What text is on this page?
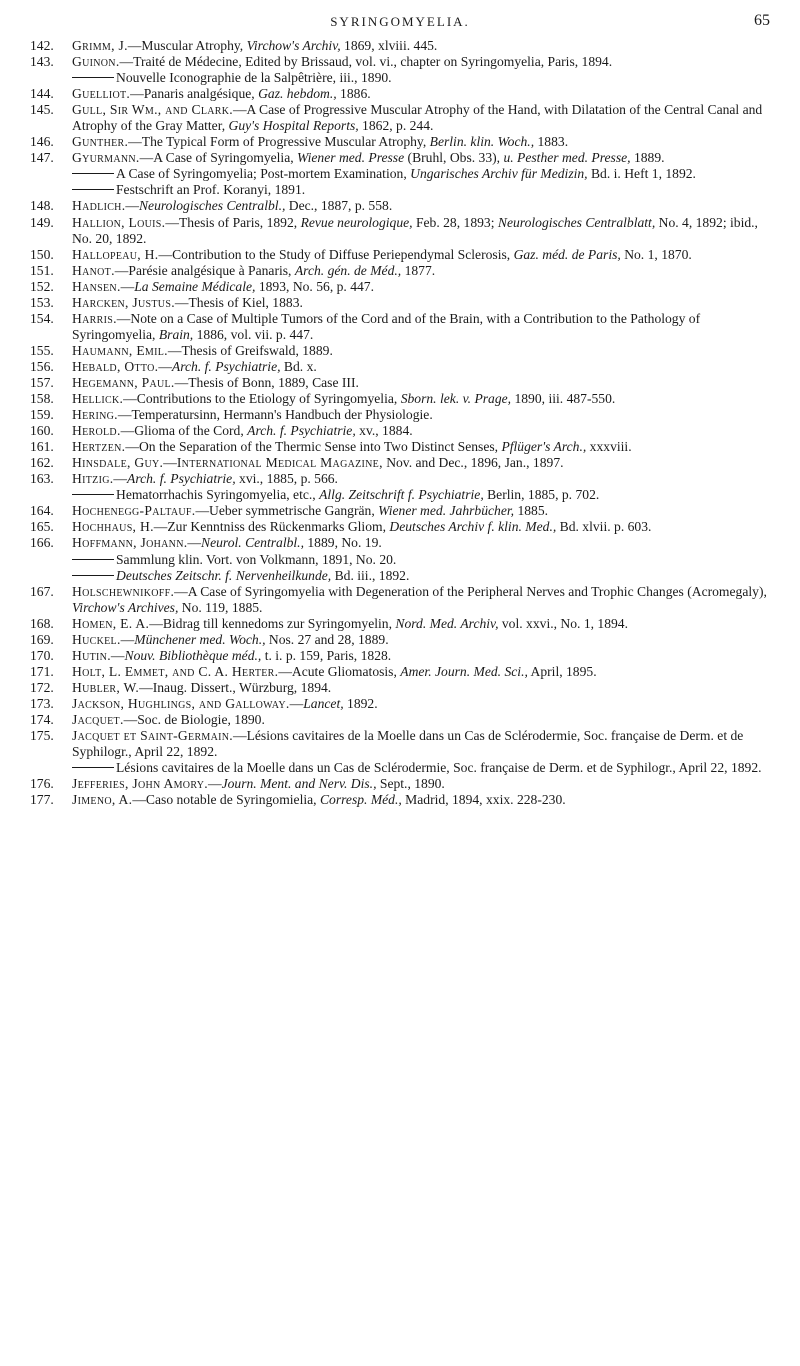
SYRINGOMYELIA.	65
142.	Grimm, J.—Muscular Atrophy, Virchow's Archiv, 1869, xlviii. 445.
143.	Guinon.—Traité de Médecine, Edited by Brissaud, vol. vi., chapter on Syringomyelia, Paris, 1894.
Nouvelle Iconographie de la Salpêtrière, iii., 1890.
144.	Guelliot.—Panaris analgésique, Gaz. hebdom., 1886.
145.	Gull, Sir Wm., and Clark.—A Case of Progressive Muscular Atrophy of the Hand, with Dilatation of the Central Canal and Atrophy of the Gray Matter, Guy's Hospital Reports, 1862, p. 244.
146.	Gunther.—The Typical Form of Progressive Muscular Atrophy, Berlin. klin. Woch., 1883.
147.	Gyurmann.—A Case of Syringomyelia, Wiener med. Presse (Bruhl, Obs. 33), u. Pesther med. Presse, 1889.
A Case of Syringomyelia; Post-mortem Examination, Ungarisches Archiv für Medizin, Bd. i. Heft 1, 1892.
Festschrift an Prof. Koranyi, 1891.
148.	Hadlich.—Neurologisches Centralbl., Dec., 1887, p. 558.
149.	Hallion, Louis.—Thesis of Paris, 1892, Revue neurologique, Feb. 28, 1893; Neurologisches Centralblatt, No. 4, 1892; ibid., No. 20, 1892.
150.	Hallopeau, H.—Contribution to the Study of Diffuse Periependymal Sclerosis, Gaz. méd. de Paris, No. 1, 1870.
151.	Hanot.—Parésie analgésique à Panaris, Arch. gén. de Méd., 1877.
152.	Hansen.—La Semaine Médicale, 1893, No. 56, p. 447.
153.	Harcken, Justus.—Thesis of Kiel, 1883.
154.	Harris.—Note on a Case of Multiple Tumors of the Cord and of the Brain, with a Contribution to the Pathology of Syringomyelia, Brain, 1886, vol. vii. p. 447.
155.	Haumann, Emil.—Thesis of Greifswald, 1889.
156.	Hebald, Otto.—Arch. f. Psychiatrie, Bd. x.
157.	Hegemann, Paul.—Thesis of Bonn, 1889, Case III.
158.	Hellick.—Contributions to the Etiology of Syringomyelia, Sborn. lek. v. Prage, 1890, iii. 487-550.
159.	Hering.—Temperatursinn, Hermann's Handbuch der Physiologie.
160.	Herold.—Glioma of the Cord, Arch. f. Psychiatrie, xv., 1884.
161.	Hertzen.—On the Separation of the Thermic Sense into Two Distinct Senses, Pflüger's Arch., xxxviii.
162.	Hinsdale, Guy.—International Medical Magazine, Nov. and Dec., 1896, Jan., 1897.
163.	Hitzig.—Arch. f. Psychiatrie, xvi., 1885, p. 566.
Hematorrhachis Syringomyelia, etc., Allg. Zeitschrift f. Psychiatrie, Berlin, 1885, p. 702.
164.	Hochenegg-Paltauf.—Ueber symmetrische Gangrän, Wiener med. Jahrbücher, 1885.
165.	Hochhaus, H.—Zur Kenntniss des Rückenmarks Gliom, Deutsches Archiv f. klin. Med., Bd. xlvii. p. 603.
166.	Hoffmann, Johann.—Neurol. Centralbl., 1889, No. 19.
Sammlung klin. Vort. von Volkmann, 1891, No. 20.
Deutsches Zeitschr. f. Nervenheilkunde, Bd. iii., 1892.
167.	Holschewnikoff.—A Case of Syringomyelia with Degeneration of the Peripheral Nerves and Trophic Changes (Acromegaly), Virchow's Archives, No. 119, 1885.
168.	Homen, E. A.—Bidrag till kennedoms zur Syringomyelin, Nord. Med. Archiv, vol. xxvi., No. 1, 1894.
169.	Huckel.—Münchener med. Woch., Nos. 27 and 28, 1889.
170.	Hutin.—Nouv. Bibliothèque méd., t. i. p. 159, Paris, 1828.
171.	Holt, L. Emmet, and C. A. Herter.—Acute Gliomatosis, Amer. Journ. Med. Sci., April, 1895.
172.	Hubler, W.—Inaug. Dissert., Würzburg, 1894.
173.	Jackson, Hughlings, and Galloway.—Lancet, 1892.
174.	Jacquet.—Soc. de Biologie, 1890.
175.	Jacquet et Saint-Germain.—Lésions cavitaires de la Moelle dans un Cas de Sclérodermie, Soc. française de Derm. et de Syphilogr., April 22, 1892.
Lésions cavitaires de la Moelle dans un Cas de Sclérodermie, Soc. française de Derm. et de Syphilogr., April 22, 1892.
176.	Jefferies, John Amory.—Journ. Ment. and Nerv. Dis., Sept., 1890.
177.	Jimeno, A.—Caso notable de Syringomielia, Corresp. Méd., Madrid, 1894, xxix. 228-230.
